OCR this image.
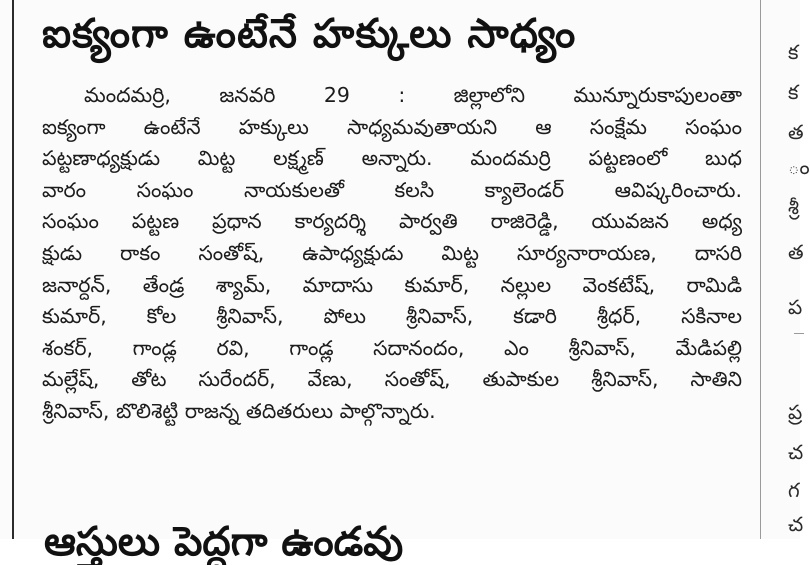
ఐక్యంగా ఉంటేనే హక్కులు సాధ్యం
మందమర్రి, జనవరి 29 : జిల్లాలోని మున్నూరుకాపులంతా
ఐక్యంగా ఉంటేనే హక్కులు సాధ్యమవుతాయని ఆ సంక్షేమ సంఘం
పట్టణాధ్యక్షుడు మిట్ట లక్ష్మణ్ అన్నారు. మందమర్రి పట్టణంలో బుధ
వారం సంఘం నాయకులతో కలసి క్యాలెండర్ ఆవిష్కరించారు.
సంఘం పట్టణ ప్రధాన కార్యదర్శి పార్వతి రాజిరెడ్డి, యువజన అధ్య
క్షుడు రాకం సంతోష్, ఉపాధ్యక్షుడు మిట్ట సూర్యనారాయణ, దాసరి
జనార్దన్, తేండ్ర శ్యామ్, మాదాసు కుమార్, నల్లుల వెంకటేష్, రామిడి
కుమార్, కోల శ్రీనివాస్, పోలు శ్రీనివాస్, కడారి శ్రీధర్, సకినాల
శంకర్, గాండ్ల రవి, గాండ్ల సదానందం, ఎం శ్రీనివాస్, మేడిపల్లి
మల్లేష్, తోట సురేందర్, వేణు, సంతోష్, తుపాకుల శ్రీనివాస్, సాతిని
శ్రీనివాస్, బొలిశెట్టి రాజన్న తదితరులు పాల్గొన్నారు.
ఆస్తులు పెద్దగా ఉండవు
క
క
త
ం
శ్రీ
త
ప
ప్ర
చ
గ
చ
